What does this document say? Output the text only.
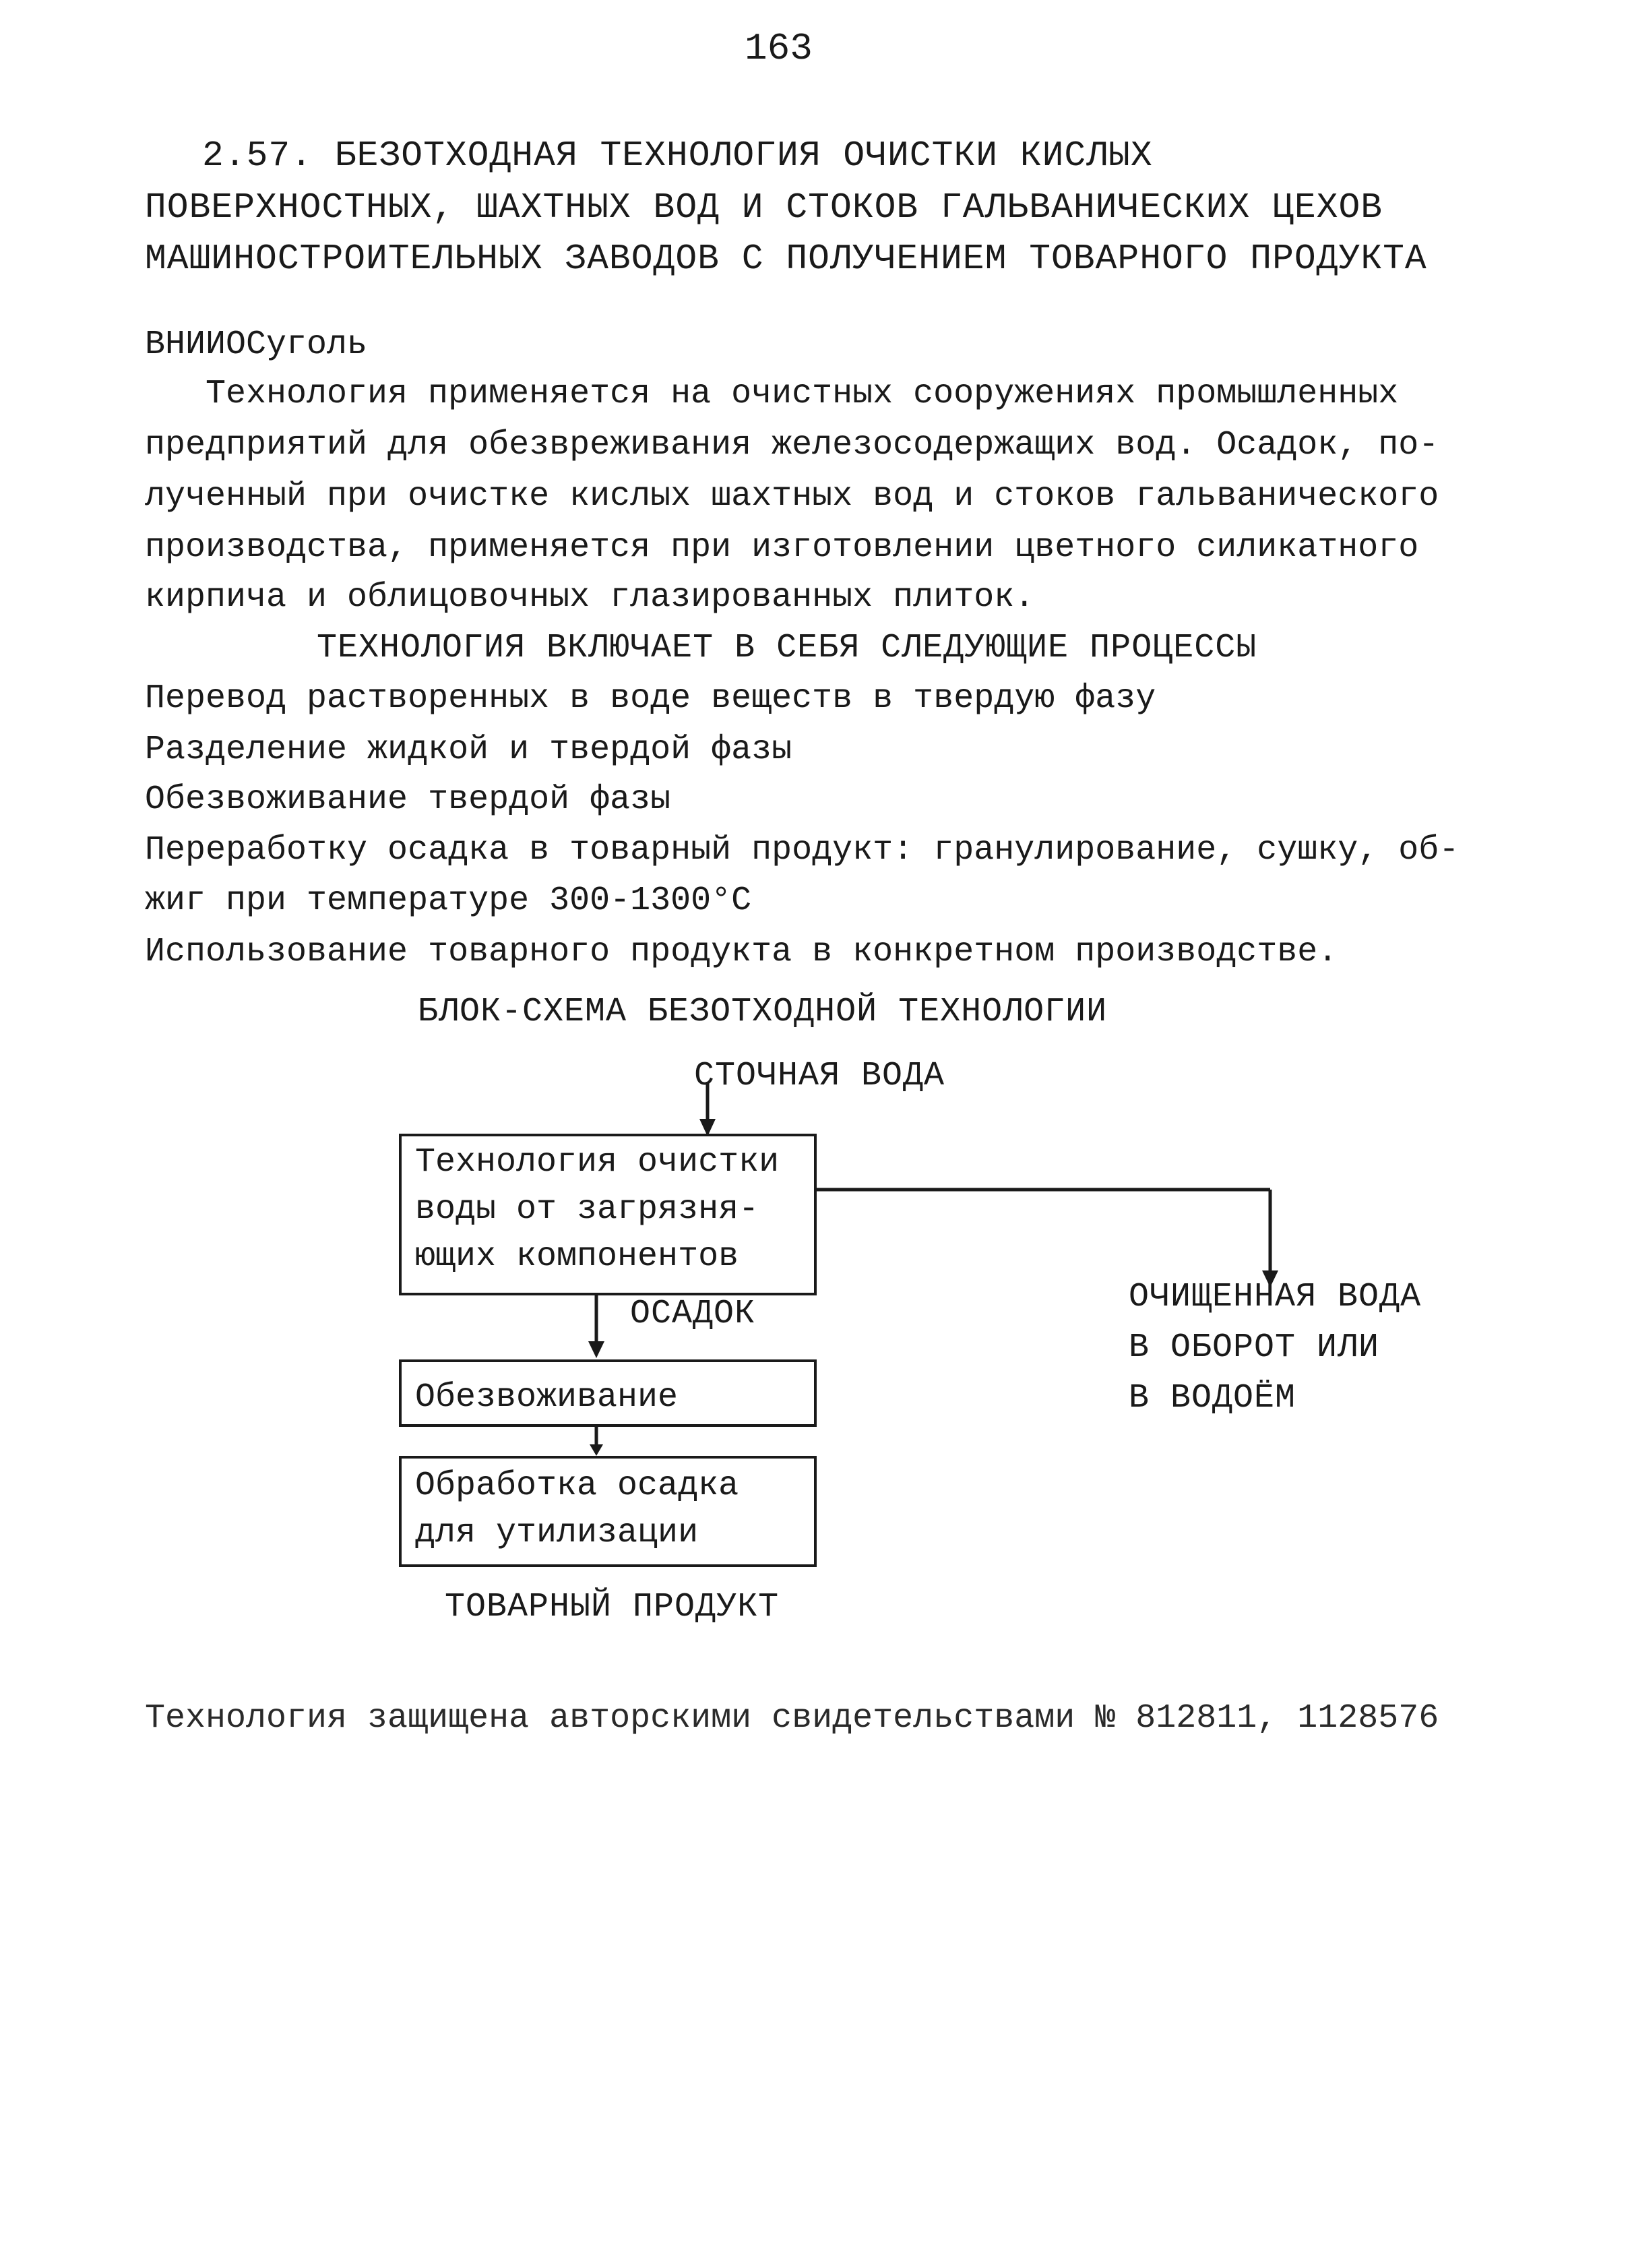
163
2.57. БЕЗОТХОДНАЯ ТЕХНОЛОГИЯ ОЧИСТКИ КИСЛЫХ
ПОВЕРХНОСТНЫХ, ШАХТНЫХ ВОД И СТОКОВ ГАЛЬВАНИЧЕСКИХ ЦЕХОВ
МАШИНОСТРОИТЕЛЬНЫХ ЗАВОДОВ С ПОЛУЧЕНИЕМ ТОВАРНОГО ПРОДУКТА
ВНИИОСуголь
Технология применяется на очистных сооружениях промышленных
предприятий для обезвреживания железосодержащих вод. Осадок, по-
лученный при очистке кислых шахтных вод и стоков гальванического
производства, применяется при изготовлении цветного силикатного
кирпича и облицовочных глазированных плиток.
ТЕХНОЛОГИЯ ВКЛЮЧАЕТ В СЕБЯ СЛЕДУЮЩИЕ ПРОЦЕССЫ
Перевод растворенных в воде веществ в твердую фазу
Разделение жидкой и твердой фазы
Обезвоживание твердой фазы
Переработку осадка в товарный продукт: гранулирование, сушку, об-
жиг при температуре 300-1300°С
Использование товарного продукта в конкретном производстве.
БЛОК-СХЕМА БЕЗОТХОДНОЙ ТЕХНОЛОГИИ
СТОЧНАЯ ВОДА
Технология очистки
воды от загрязня-
ющих компонентов
ОСАДОК
Обезвоживание
Обработка осадка
для утилизации
ТОВАРНЫЙ ПРОДУКТ
ОЧИЩЕННАЯ ВОДА
В ОБОРОТ ИЛИ
В ВОДОЁМ
Технология защищена авторскими свидетельствами № 812811, 1128576
